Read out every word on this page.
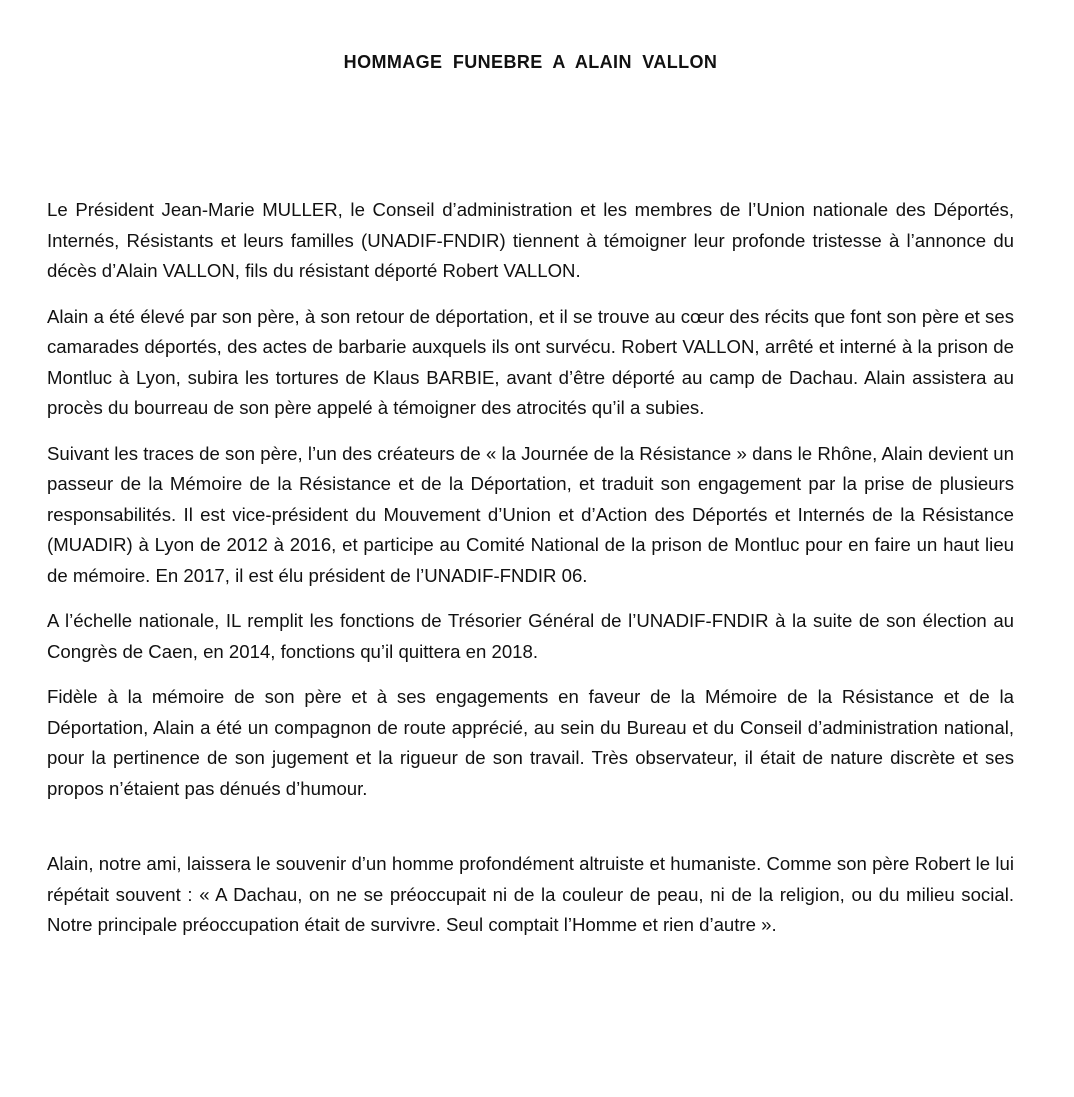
HOMMAGE FUNEBRE A ALAIN VALLON

Le Président Jean-Marie MULLER, le Conseil d’administration et les membres de l’Union nationale des Déportés, Internés, Résistants et leurs familles (UNADIF-FNDIR) tiennent à témoigner leur profonde tristesse à l’annonce du décès d’Alain VALLON, fils du résistant déporté Robert VALLON.

Alain a été élevé par son père, à son retour de déportation, et il se trouve au cœur des récits que font son père et ses camarades déportés, des actes de barbarie auxquels ils ont survécu. Robert VALLON, arrêté et interné à la prison de Montluc à Lyon, subira les tortures de Klaus BARBIE, avant d’être déporté au camp de Dachau. Alain assistera au procès du bourreau de son père appelé à témoigner des atrocités qu’il a subies.

Suivant les traces de son père, l’un des créateurs de « la Journée de la Résistance » dans le Rhône, Alain devient un passeur de la Mémoire de la Résistance et de la Déportation, et traduit son engagement par la prise de plusieurs responsabilités. Il est vice-président du Mouvement d’Union et d’Action des Déportés et Internés de la Résistance (MUADIR) à Lyon de 2012 à 2016, et participe au Comité National de la prison de Montluc pour en faire un haut lieu de mémoire. En 2017, il est élu président de l’UNADIF-FNDIR 06.

A l’échelle nationale, IL remplit les fonctions de Trésorier Général de l’UNADIF-FNDIR à la suite de son élection au Congrès de Caen, en 2014, fonctions qu’il quittera en 2018.

Fidèle à la mémoire de son père et à ses engagements en faveur de la Mémoire de la Résistance et de la Déportation, Alain a été un compagnon de route apprécié, au sein du Bureau et du Conseil d’administration national, pour la pertinence de son jugement et la rigueur de son travail. Très observateur, il était de nature discrète et ses propos n’étaient pas dénués d’humour.

Alain, notre ami, laissera le souvenir d’un homme profondément altruiste et humaniste. Comme son père Robert le lui répétait souvent : « A Dachau, on ne se préoccupait ni de la couleur de peau, ni de la religion, ou du milieu social. Notre principale préoccupation était de survivre. Seul comptait l’Homme et rien d’autre ».
